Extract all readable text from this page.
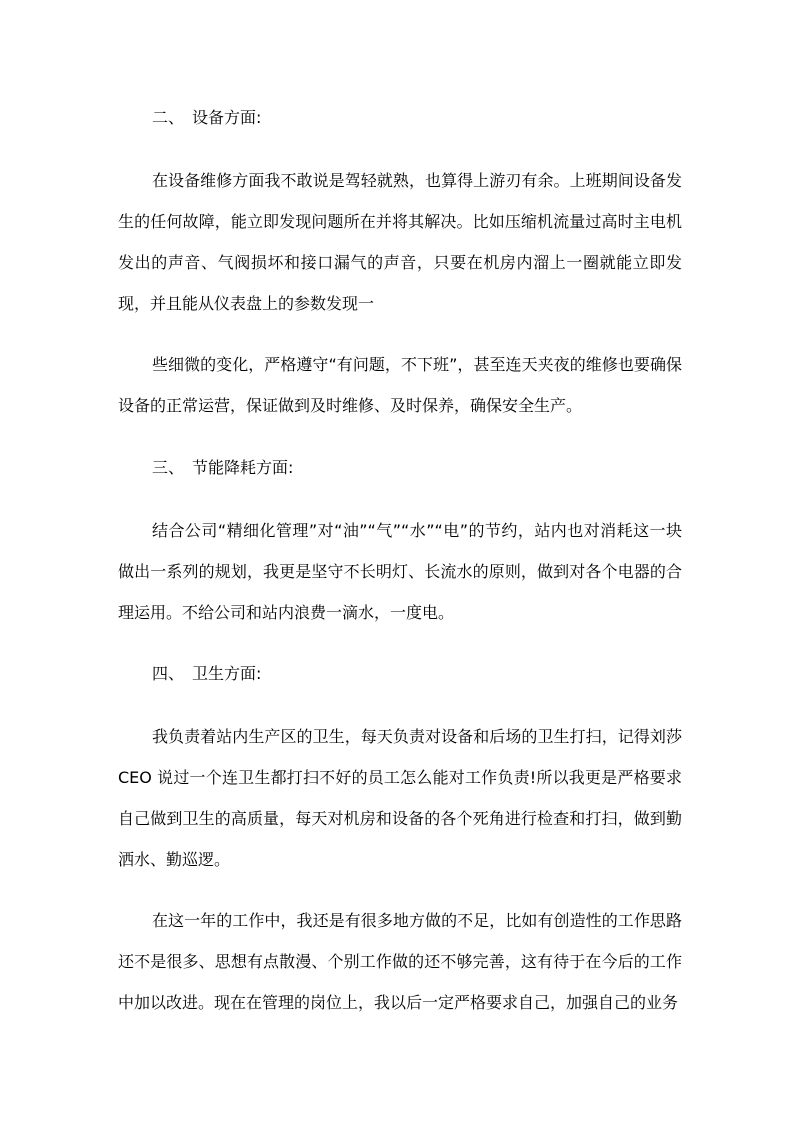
二、 设备方面:
在设备维修方面我不敢说是驾轻就熟，也算得上游刃有余。上班期间设备发生的任何故障，能立即发现问题所在并将其解决。比如压缩机流量过高时主电机发出的声音、气阀损坏和接口漏气的声音，只要在机房内溜上一圈就能立即发现，并且能从仪表盘上的参数发现一
些细微的变化，严格遵守“有问题，不下班”，甚至连天夹夜的维修也要确保设备的正常运营，保证做到及时维修、及时保养，确保安全生产。
三、 节能降耗方面:
结合公司“精细化管理”对“油”“气”“水”“电”的节约，站内也对消耗这一块做出一系列的规划，我更是坚守不长明灯、长流水的原则，做到对各个电器的合理运用。不给公司和站内浪费一滴水，一度电。
四、 卫生方面:
我负责着站内生产区的卫生，每天负责对设备和后场的卫生打扫，记得刘莎CEO 说过一个连卫生都打扫不好的员工怎么能对工作负责!所以我更是严格要求自己做到卫生的高质量，每天对机房和设备的各个死角进行检查和打扫，做到勤洒水、勤巡逻。
在这一年的工作中，我还是有很多地方做的不足，比如有创造性的工作思路还不是很多、思想有点散漫、个别工作做的还不够完善，这有待于在今后的工作中加以改进。现在在管理的岗位上，我以后一定严格要求自己，加强自己的业务
